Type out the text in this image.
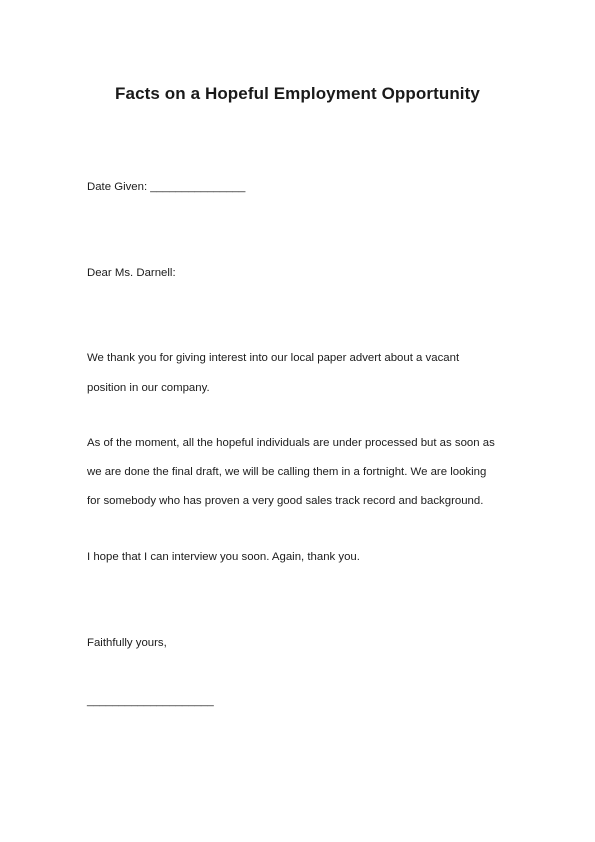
Facts on a Hopeful Employment Opportunity
Date Given: _______________
Dear Ms. Darnell:
We thank you for giving interest into our local paper advert about a vacant
position in our company.
As of the moment, all the hopeful individuals are under processed but as soon as
we are done the final draft, we will be calling them in a fortnight. We are looking
for somebody who has proven a very good sales track record and background.
I hope that I can interview you soon. Again, thank you.
Faithfully yours,
____________________
